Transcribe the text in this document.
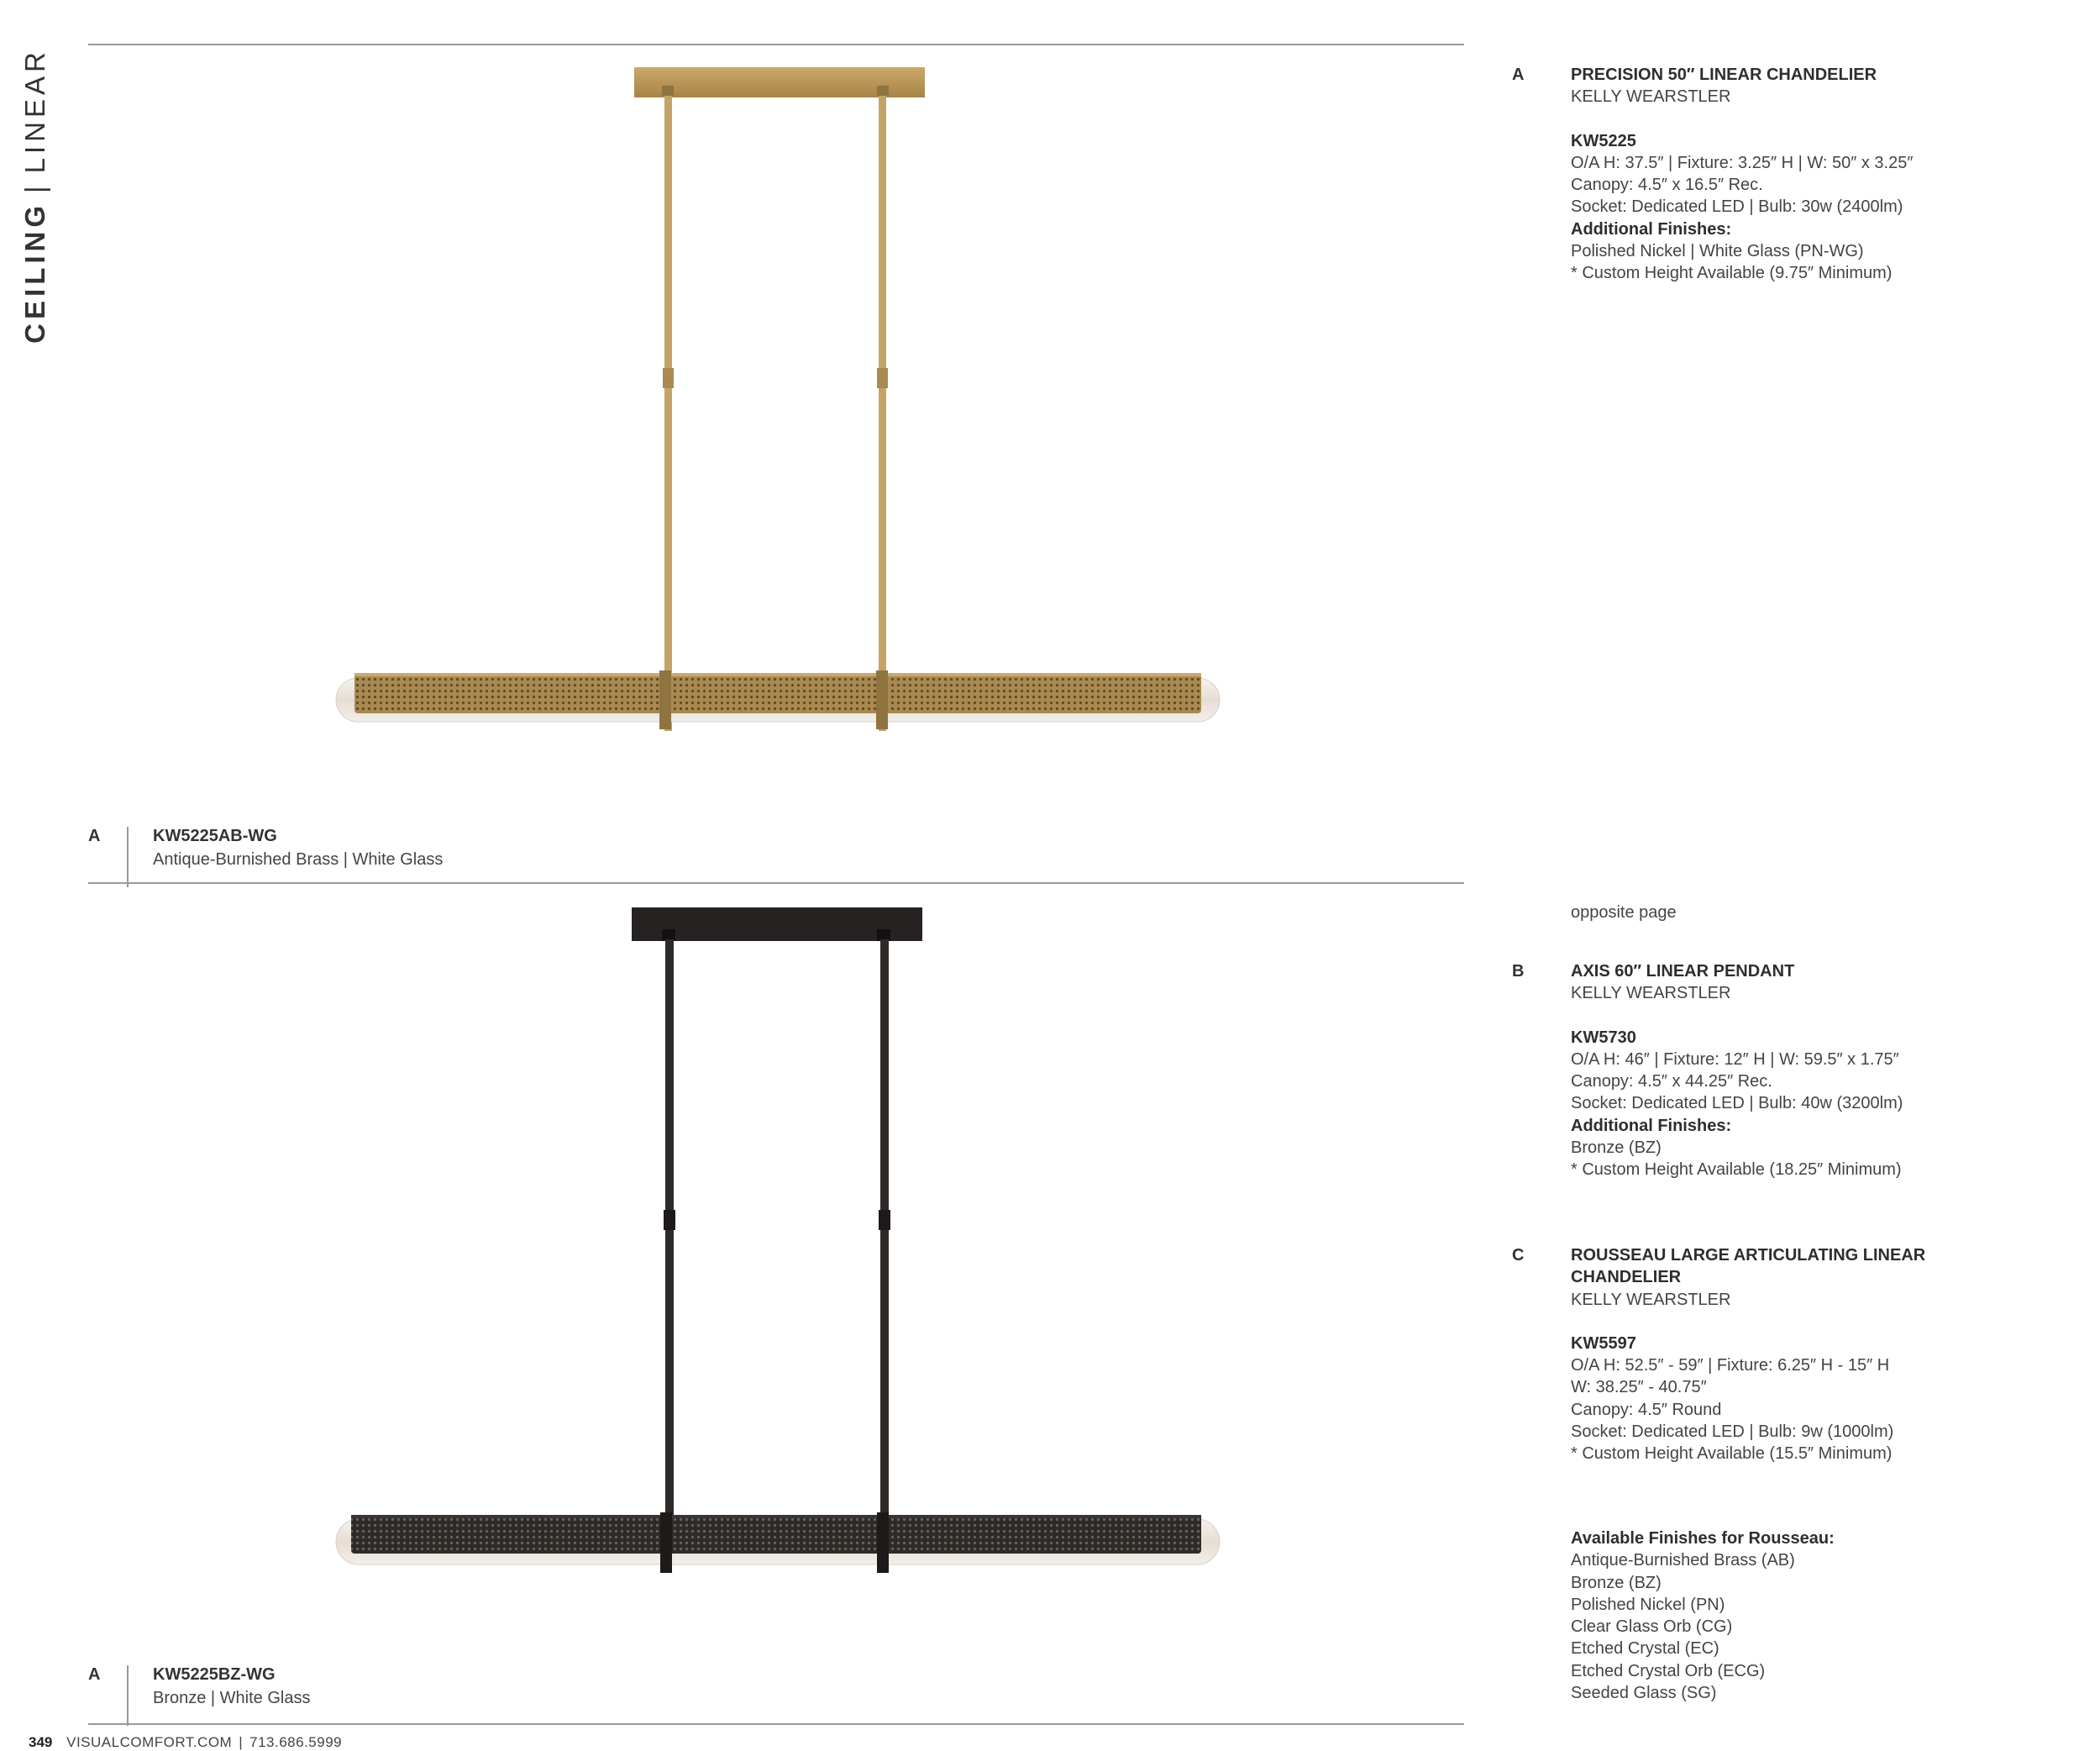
CEILING|LINEAR
A	KW5225AB-WG
Antique-Burnished Brass | White Glass
A	KW5225BZ-WG
Bronze | White Glass
A	PRECISION 50″ LINEAR CHANDELIER
KELLY WEARSTLER
KW5225
O/A H: 37.5″ | Fixture: 3.25″ H | W: 50″ x 3.25″
Canopy: 4.5″ x 16.5″ Rec.
Socket: Dedicated LED | Bulb: 30w (2400lm)
Additional Finishes:
Polished Nickel | White Glass (PN-WG)
* Custom Height Available (9.75″ Minimum)
opposite page
B	AXIS 60″ LINEAR PENDANT
KELLY WEARSTLER
KW5730
O/A H: 46″ | Fixture: 12″ H | W: 59.5″ x 1.75″
Canopy: 4.5″ x 44.25″ Rec.
Socket: Dedicated LED | Bulb: 40w (3200lm)
Additional Finishes:
Bronze (BZ)
* Custom Height Available (18.25″ Minimum)
C	ROUSSEAU LARGE ARTICULATING LINEAR
CHANDELIER
KELLY WEARSTLER
KW5597
O/A H: 52.5″ - 59″ | Fixture: 6.25″ H - 15″ H
W: 38.25″ - 40.75″
Canopy: 4.5″ Round
Socket: Dedicated LED | Bulb: 9w (1000lm)
* Custom Height Available (15.5″ Minimum)
Available Finishes for Rousseau:
Antique-Burnished Brass (AB)
Bronze (BZ)
Polished Nickel (PN)
Clear Glass Orb (CG)
Etched Crystal (EC)
Etched Crystal Orb (ECG)
Seeded Glass (SG)
349 VISUALCOMFORT.COM | 713.686.5999
